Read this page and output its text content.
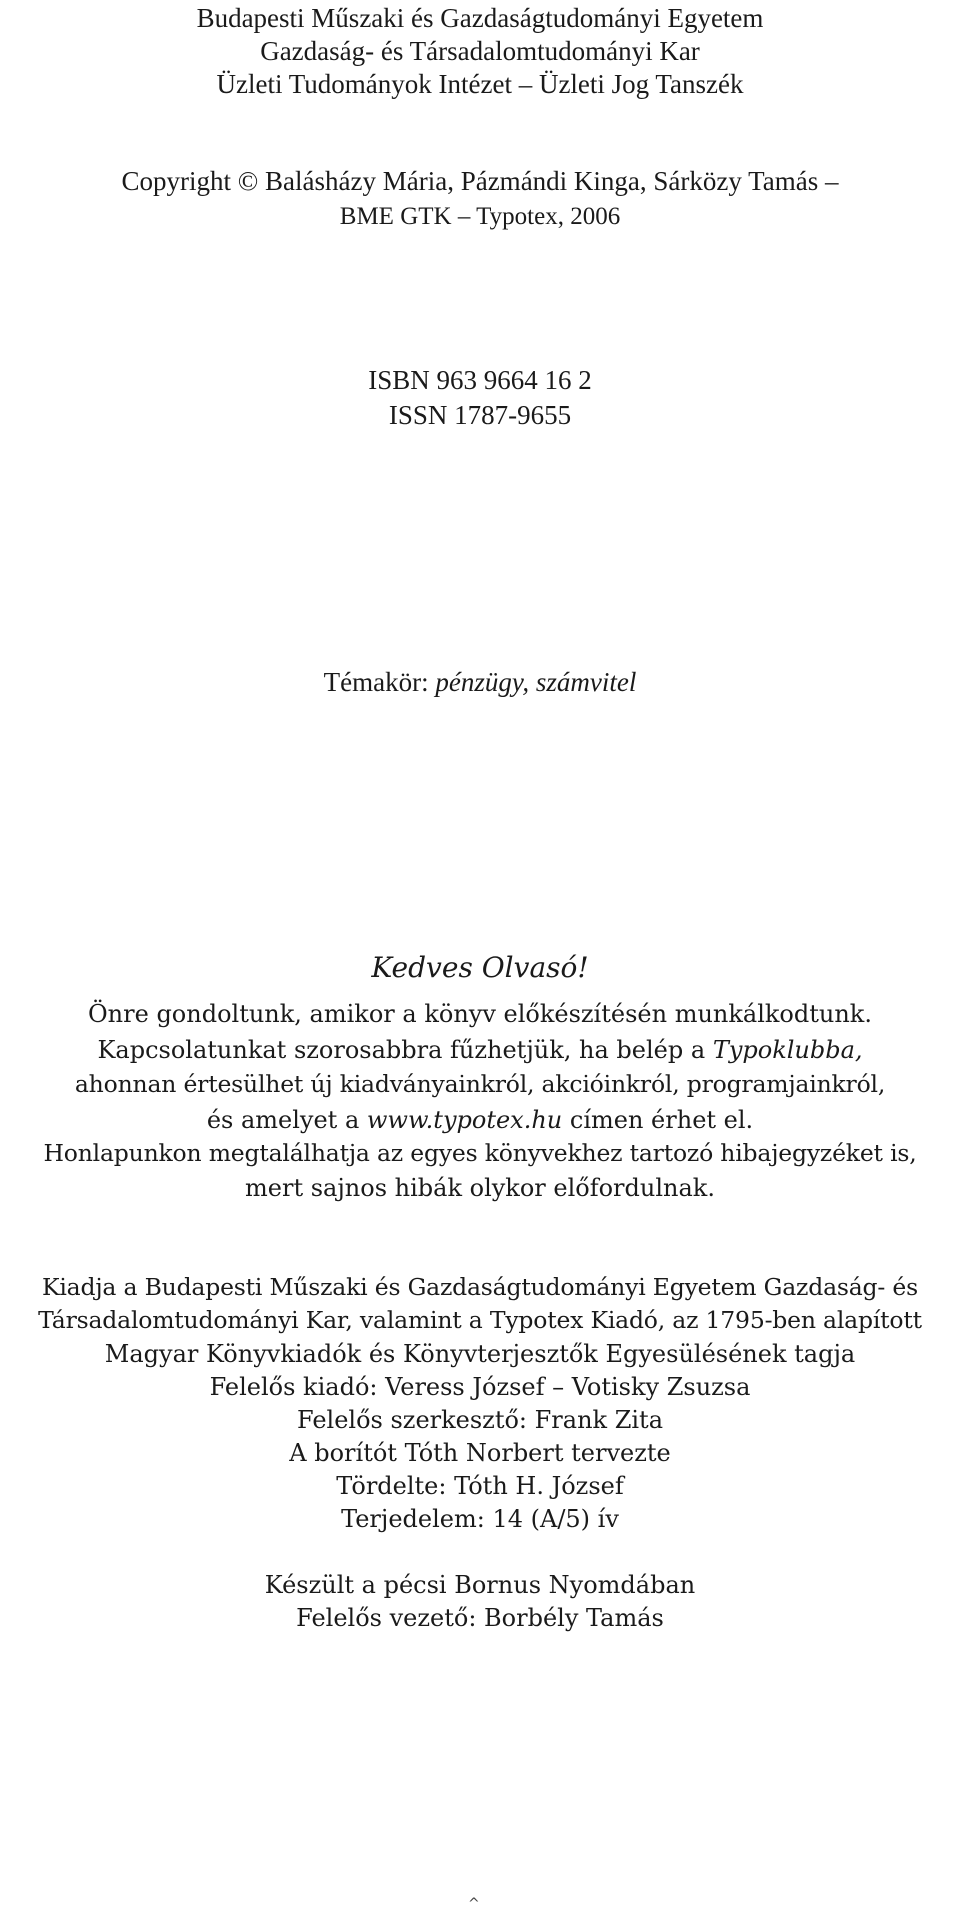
Budapesti Műszaki és Gazdaságtudományi Egyetem
Gazdaság- és Társadalomtudományi Kar
Üzleti Tudományok Intézet – Üzleti Jog Tanszék
Copyright © Balásházy Mária, Pázmándi Kinga, Sárközy Tamás –
BME GTK – Typotex, 2006
ISBN 963 9664 16 2
ISSN 1787-9655
Témakör: pénzügy, számvitel
Kedves Olvasó!
Önre gondoltunk, amikor a könyv előkészítésén munkálkodtunk.
Kapcsolatunkat szorosabbra fűzhetjük, ha belép a Typoklubba,
ahonnan értesülhet új kiadványainkról, akcióinkról, programjainkról,
és amelyet a www.typotex.hu címen érhet el.
Honlapunkon megtalálhatja az egyes könyvekhez tartozó hibajegyzéket is,
mert sajnos hibák olykor előfordulnak.
Kiadja a Budapesti Műszaki és Gazdaságtudományi Egyetem Gazdaság- és
Társadalomtudományi Kar, valamint a Typotex Kiadó, az 1795-ben alapított
Magyar Könyvkiadók és Könyvterjesztők Egyesülésének tagja
Felelős kiadó: Veress József – Votisky Zsuzsa
Felelős szerkesztő: Frank Zita
A borítót Tóth Norbert tervezte
Tördelte: Tóth H. József
Terjedelem: 14 (A/5) ív
Készült a pécsi Bornus Nyomdában
Felelős vezető: Borbély Tamás
^
